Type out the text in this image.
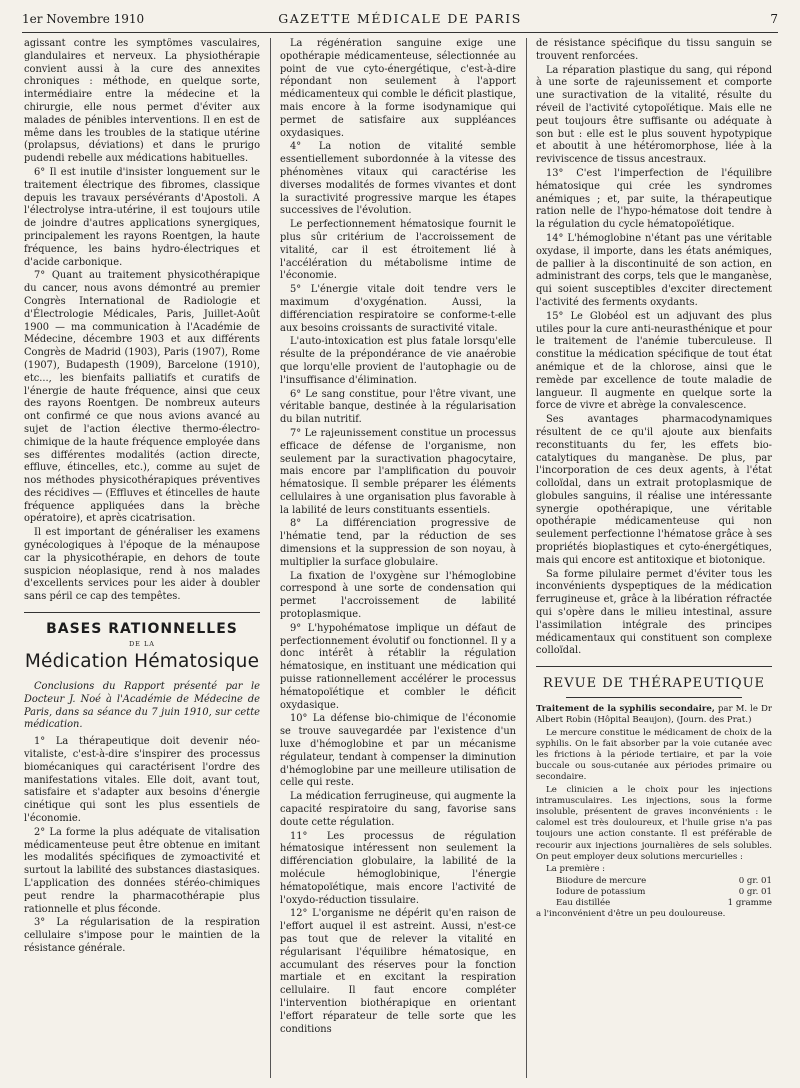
1er Novembre 1910	GAZETTE MÉDICALE DE PARIS	7

agissant contre les symptômes vasculaires, glandulaires et nerveux. La physiothérapie convient aussi à la cure des annexites chroniques : méthode, en quelque sorte, intermédiaire entre la médecine et la chirurgie, elle nous permet d'éviter aux malades de pénibles interventions. Il en est de même dans les troubles de la statique utérine (prolapsus, déviations) et dans le prurigo pudendi rebelle aux médications habituelles.

6° Il est inutile d'insister longuement sur le traitement électrique des fibromes, classique depuis les travaux persévérants d'Apostoli. A l'électrolyse intra-utérine, il est toujours utile de joindre d'autres applications synergiques, principalement les rayons Roentgen, la haute fréquence, les bains hydro-électriques et d'acide carbonique.

7° Quant au traitement physicothérapique du cancer, nous avons démontré au premier Congrès International de Radiologie et d'Électrologie Médicales, Paris, Juillet-Août 1900 — ma communication à l'Académie de Médecine, décembre 1903 et aux différents Congrès de Madrid (1903), Paris (1907), Rome (1907), Budapesth (1909), Barcelone (1910), etc..., les bienfaits palliatifs et curatifs de l'énergie de haute fréquence, ainsi que ceux des rayons Roentgen. De nombreux auteurs ont confirmé ce que nous avions avancé au sujet de l'action élective thermo-électro-chimique de la haute fréquence employée dans ses différentes modalités (action directe, effluve, étincelles, etc.), comme au sujet de nos méthodes physicothérapiques préventives des récidives — (Effluves et étincelles de haute fréquence appliquées dans la brèche opératoire), et après cicatrisation.

Il est important de généraliser les examens gynécologiques à l'époque de la ménaupose car la physicothérapie, en dehors de toute suspicion néoplasique, rend à nos malades d'excellents services pour les aider à doubler sans péril ce cap des tempêtes.

BASES RATIONNELLES
DE LA
Médication Hématosique

Conclusions du Rapport présenté par le Docteur J. Noé à l'Académie de Médecine de Paris, dans sa séance du 7 juin 1910, sur cette médication.

1° La thérapeutique doit devenir néo-vitaliste, c'est-à-dire s'inspirer des processus biomécaniques qui caractérisent l'ordre des manifestations vitales. Elle doit, avant tout, satisfaire et s'adapter aux besoins d'énergie cinétique qui sont les plus essentiels de l'économie.

2° La forme la plus adéquate de vitalisation médicamenteuse peut être obtenue en imitant les modalités spécifiques de zymoactivité et surtout la labilité des substances diastasiques. L'application des données stéréo-chimiques peut rendre la pharmacothérapie plus rationnelle et plus féconde.

3° La régularisation de la respiration cellulaire s'impose pour le maintien de la résistance générale.

La régénération sanguine exige une opothérapie médicamenteuse, sélectionnée au point de vue cyto-énergétique, c'est-à-dire répondant non seulement à l'apport médicamenteux qui comble le déficit plastique, mais encore à la forme isodynamique qui permet de satisfaire aux suppléances oxydasiques.

4° La notion de vitalité semble essentiellement subordonnée à la vitesse des phénomènes vitaux qui caractérise les diverses modalités de formes vivantes et dont la suractivité progressive marque les étapes successives de l'évolution.

Le perfectionnement hématosique fournit le plus sûr critérium de l'accroissement de vitalité, car il est étroitement lié à l'accélération du métabolisme intime de l'économie.

5° L'énergie vitale doit tendre vers le maximum d'oxygénation. Aussi, la différenciation respiratoire se conforme-t-elle aux besoins croissants de suractivité vitale.

L'auto-intoxication est plus fatale lorsqu'elle résulte de la prépondérance de vie anaérobie que lorqu'elle provient de l'autophagie ou de l'insuffisance d'élimination.

6° Le sang constitue, pour l'être vivant, une véritable banque, destinée à la régularisation du bilan nutritif.

7° Le rajeunissement constitue un processus efficace de défense de l'organisme, non seulement par la suractivation phagocytaire, mais encore par l'amplification du pouvoir hématosique. Il semble préparer les éléments cellulaires à une organisation plus favorable à la labilité de leurs constituants essentiels.

8° La différenciation progressive de l'hématie tend, par la réduction de ses dimensions et la suppression de son noyau, à multiplier la surface globulaire.

La fixation de l'oxygène sur l'hémoglobine correspond à une sorte de condensation qui permet l'accroissement de labilité protoplasmique.

9° L'hypohématose implique un défaut de perfectionnement évolutif ou fonctionnel. Il y a donc intérêt à rétablir la régulation hématosique, en instituant une médication qui puisse rationnellement accélérer le processus hématopoïétique et combler le déficit oxydasique.

10° La défense bio-chimique de l'économie se trouve sauvegardée par l'existence d'un luxe d'hémoglobine et par un mécanisme régulateur, tendant à compenser la diminution d'hémoglobine par une meilleure utilisation de celle qui reste.

La médication ferrugineuse, qui augmente la capacité respiratoire du sang, favorise sans doute cette régulation.

11° Les processus de régulation hématosique intéressent non seulement la différenciation globulaire, la labilité de la molécule hémoglobinique, l'énergie hématopoïétique, mais encore l'activité de l'oxydo-réduction tissulaire.

12° L'organisme ne dépérit qu'en raison de l'effort auquel il est astreint. Aussi, n'est-ce pas tout que de relever la vitalité en régularisant l'équilibre hématosique, en accumulant des réserves pour la fonction martiale et en excitant la respiration cellulaire. Il faut encore compléter l'intervention biothérapique en orientant l'effort réparateur de telle sorte que les conditions

de résistance spécifique du tissu sanguin se trouvent renforcées.

La réparation plastique du sang, qui répond à une sorte de rajeunissement et comporte une suractivation de la vitalité, résulte du réveil de l'activité cytopoïétique. Mais elle ne peut toujours être suffisante ou adéquate à son but : elle est le plus souvent hypotypique et aboutit à une hétéromorphose, liée à la reviviscence de tissus ancestraux.

13° C'est l'imperfection de l'équilibre hématosique qui crée les syndromes anémiques ; et, par suite, la thérapeutique ration nelle de l'hypo-hématose doit tendre à la régulation du cycle hématopoïétique.

14° L'hémoglobine n'étant pas une véritable oxydase, il importe, dans les états anémiques, de pallier à la discontinuité de son action, en administrant des corps, tels que le manganèse, qui soient susceptibles d'exciter directement l'activité des ferments oxydants.

15° Le Globéol est un adjuvant des plus utiles pour la cure anti-neurasthénique et pour le traitement de l'anémie tuberculeuse. Il constitue la médication spécifique de tout état anémique et de la chlorose, ainsi que le remède par excellence de toute maladie de langueur. Il augmente en quelque sorte la force de vivre et abrège la convalescence.

Ses avantages pharmacodynamiques résultent de ce qu'il ajoute aux bienfaits reconstituants du fer, les effets bio-catalytiques du manganèse. De plus, par l'incorporation de ces deux agents, à l'état colloïdal, dans un extrait protoplasmique de globules sanguins, il réalise une intéressante synergie opothérapique, une véritable opothérapie médicamenteuse qui non seulement perfectionne l'hématose grâce à ses propriétés bioplastiques et cyto-énergétiques, mais qui encore est antitoxique et biotonique.

Sa forme pilulaire permet d'éviter tous les inconvénients dyspeptiques de la médication ferrugineuse et, grâce à la libération réfractée qui s'opère dans le milieu intestinal, assure l'assimilation intégrale des principes médicamentaux qui constituent son complexe colloïdal.

REVUE DE THÉRAPEUTIQUE

Traitement de la syphilis secondaire, par M. le Dr Albert Robin (Hôpital Beaujon), (Journ. des Prat.)

Le mercure constitue le médicament de choix de la syphilis. On le fait absorber par la voie cutanée avec les frictions à la période tertiaire, et par la voie buccale ou sous-cutanée aux périodes primaire ou secondaire.

Le clinicien a le choix pour les injections intramusculaires. Les injections, sous la forme insoluble, présentent de graves inconvénients : le calomel est très douloureux, et l'huile grise n'a pas toujours une action constante. Il est préférable de recourir aux injections journalières de sels solubles. On peut employer deux solutions mercurielles :

La première :

Biiodure de mercure	0 gr. 01
Iodure de potassium	0 gr. 01
Eau distillée	1 gramme

a l'inconvénient d'être un peu douloureuse.
